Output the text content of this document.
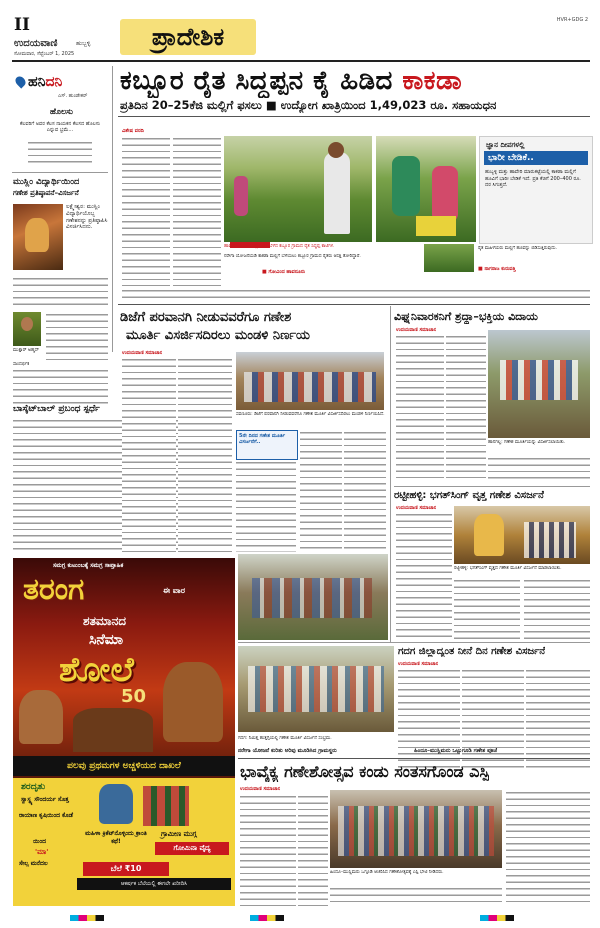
II
ಉದಯವಾಣಿ	ಹುಬ್ಬಳ್ಳಿ
ಸೋಮವಾರ, ಸೆಪ್ಟೆಂಬರ್ 1, 2025
ಪ್ರಾದೇಶಿಕ
HVR+GDG 2
ಹನಿದನಿ
ಎಸ್. ಹುಂಡೇಕರ್
ಹೊಲಸು
ಕೆಲವರಿಗೆ ಅವರ ಕೆಲಸ ನಾಯಕನ ಕೆಲಸದ ಹೊಲಸು ಎನ್ನುವ ಭ್ರಮೆ...
ಮುಸ್ಲಿಂ ವಿದ್ಯಾರ್ಥಿಯಿಂದ
ಗಣೇಶ ಪ್ರತಿಷ್ಠಾಪನೆ–ವಿಸರ್ಜನೆ
ಲಕ್ಷ್ಮೇಶ್ವರ: ಮುಸ್ಲಿಂ ವಿದ್ಯಾರ್ಥಿಯೊಬ್ಬ ಗಣೇಶನನ್ನು ಪ್ರತಿಷ್ಠಾಪಿಸಿ ವಿಸರ್ಜಿಸಿದನು.
ಮುಕ್ತಾರ್ ಅಹ್ಮದ್
ಸಾಂದರ್ಭಿಕ
ಬಾಸ್ಕೆಟ್‌ಬಾಲ್ ಪ್ರಬಂಧ ಸ್ಪರ್ಧೆ
ಕಬ್ಬೂರ ರೈತ ಸಿದ್ದಪ್ಪನ ಕೈ ಹಿಡಿದ ಕಾಕಡಾ
ಪ್ರತಿದಿನ 20–25ಕೆಜಿ ಮಲ್ಲಿಗೆ ಫಸಲು ■ ಉದ್ಯೋಗ ಖಾತ್ರಿಯಿಂದ 1,49,023 ರೂ. ಸಹಾಯಧನ
ವಿಶೇಷ ವರದಿ
ಹಾವೇರಿ: ಕಾಕಡಾ ಮಲ್ಲಿಗೆ ಹೂ ಬೆಳೆದ ಕಬ್ಬೂರ ಗ್ರಾಮದ ರೈತ ಸಿದ್ದಪ್ಪ ಕಾಟಿಗಳ.
ನರೇಗಾ ಯೋಜನೆಯಡಿ ಕಾಕಡಾ ಮಲ್ಲಿಗೆ ಬೆಳೆಯಲು ಕಬ್ಬೂರ ಗ್ರಾಮದ ರೈತರು ಆಸಕ್ತಿ ತೋರಿದ್ದಾರೆ.
■ ಗೋವಿಂದ ಹಾವನೂರು
ಜ್ಞಾನ ದೀಪಗಳಲ್ಲಿ
ಭಾರೀ ಬೇಡಿಕೆ..
ಹುಬ್ಬಳ್ಳಿ ಮತ್ತು ಹಾವೇರಿ ಮಾರುಕಟ್ಟೆಯಲ್ಲಿ ಕಾಕಡಾ ಮಲ್ಲಿಗೆ ಹೂವಿಗೆ ಭಾರೀ ಬೇಡಿಕೆ ಇದೆ. ಪ್ರತಿ ಕೆಜಿಗೆ 200–400 ರೂ. ದರ ಸಿಗುತ್ತದೆ.
ರೈತ ಮಹಿಳೆಯರು ಮಲ್ಲಿಗೆ ಹೂವನ್ನು ಬಿಡಿಸುತ್ತಿರುವುದು.
■ ನಾಗರಾಜ ಕುರುವತ್ತಿ
ಡಿಜೆಗೆ ಪರವಾನಗಿ ನೀಡುವವರೆಗೂ ಗಣೇಶ
ಮೂರ್ತಿ ವಿಸರ್ಜಿಸದಿರಲು ಮಂಡಳಿ ನಿರ್ಣಯ
ಉದಯವಾಣಿ ಸಮಾಚಾರ
ಸವಣೂರು: ಡಿಜೆಗೆ ಪರವಾನಗಿ ನೀಡುವವರೆಗೂ ಗಣೇಶ ಮೂರ್ತಿ ವಿಸರ್ಜಿಸದಿರಲು ಮಂಡಳಿ ನಿರ್ಣಯಿಸಿದೆ.
5ನೇ ದಿನದ ಗಣೇಶ ಮೂರ್ತಿ ವಿಸರ್ಜನೆಗೆ..
ವಿಘ್ನನಿವಾರಕನಿಗೆ ಶ್ರದ್ಧಾ–ಭಕ್ತಿಯ ವಿದಾಯ
ಉದಯವಾಣಿ ಸಮಾಚಾರ
ಹಾನಗಲ್ಲ: ಗಣೇಶ ಮೂರ್ತಿಯನ್ನು ವಿಸರ್ಜಿಸಲಾಯಿತು.
ರಟ್ಟೀಹಳ್ಳಿ: ಭಗತ್‌ಸಿಂಗ್ ವೃತ್ತ ಗಣೇಶ ವಿಸರ್ಜನೆ
ಉದಯವಾಣಿ ಸಮಾಚಾರ
ರಟ್ಟೀಹಳ್ಳಿ: ಭಗತ್‌ಸಿಂಗ್ ವೃತ್ತದ ಗಣೇಶ ಮೂರ್ತಿ ವಿಸರ್ಜನೆ ಮಾಡಲಾಯಿತು.
ಗದಗ ಜಿಲ್ಲಾದ್ಯಂತ ನೀನೆ ದಿನ ಗಣೇಶ ವಿಸರ್ಜನೆ
ಉದಯವಾಣಿ ಸಮಾಚಾರ
ಗದಗ: ನಿಮಿತ್ತ ಹುತ್ತಗ್ಗಿಯಲ್ಲಿ ಗಣೇಶ ಮೂರ್ತಿ ವಿಸರ್ಜನೆ ಸಂಭ್ರಮ.
ಸಮಗ್ರ ಕುಟುಂಬಕ್ಕೆ ಸಮಗ್ರ ಸಾಪ್ತಾಹಿಕ
ತರಂಗ	ಈ ವಾರ
ಶತಮಾನದ
ಸಿನೆಮಾ
ಶೋಲೆ
50
ಪಲವು ಪ್ರಥಮಗಳ ಅಚ್ಚಳಿಯದ ದಾಖಲೆ
ಶರದೃತು
ಸ್ವಾಸ್ಥ್ಯ ಸೌಂದರ್ಯ ಸೊತ್ತ
ರಾಯಾಣ ಕೃಷಿಯಿಂದ ಕೊಡೆ
ಯಿಂದ
'ಮಾ'
ಸೇಲ್ಸ ಮನೆದಲ
ಮಹಿಳಾ ಕ್ರಿಕೆಟ್‌ನೊಳ್ಳಿಂದು ಕ್ರಾಂತಿ ಕಥೆ!
ಗ್ರಾಮೀಣ ಮುಗ್ಗ
ಗೋಮಿನಾ ವೈದ್ಯ
ಬೆಲೆ ₹10
ಆಕರ್ಷಕ ಬೆಲೆಯಲ್ಲಿ ಈಗಲೇ ಖರೀದಿಸಿ
ನರೇಗಾ ಯೋಜನೆ ಕುರಿತು ಅರಿವು ಮೂಡಿಸಿದ ಗ್ರಾಮಸ್ಥರು	ಹಿಂದೂ–ಮುಸ್ಲಿಮರು ಒಟ್ಟುಗೂಡಿ ಗಣೇಶ ಪೂಜೆ
ಭಾವೈಕ್ಯ ಗಣೇಶೋತ್ಸವ ಕಂಡು ಸಂತಸಗೊಂಡ ಎಸ್ಪಿ
ಉದಯವಾಣಿ ಸಮಾಚಾರ
ಹಿಂದೂ–ಮುಸ್ಲಿಮರು ಒಗ್ಗೂಡಿ ಆಚರಿಸಿದ ಗಣೇಶೋತ್ಸವಕ್ಕೆ ಎಸ್ಪಿ ಭೇಟಿ ನೀಡಿದರು.
